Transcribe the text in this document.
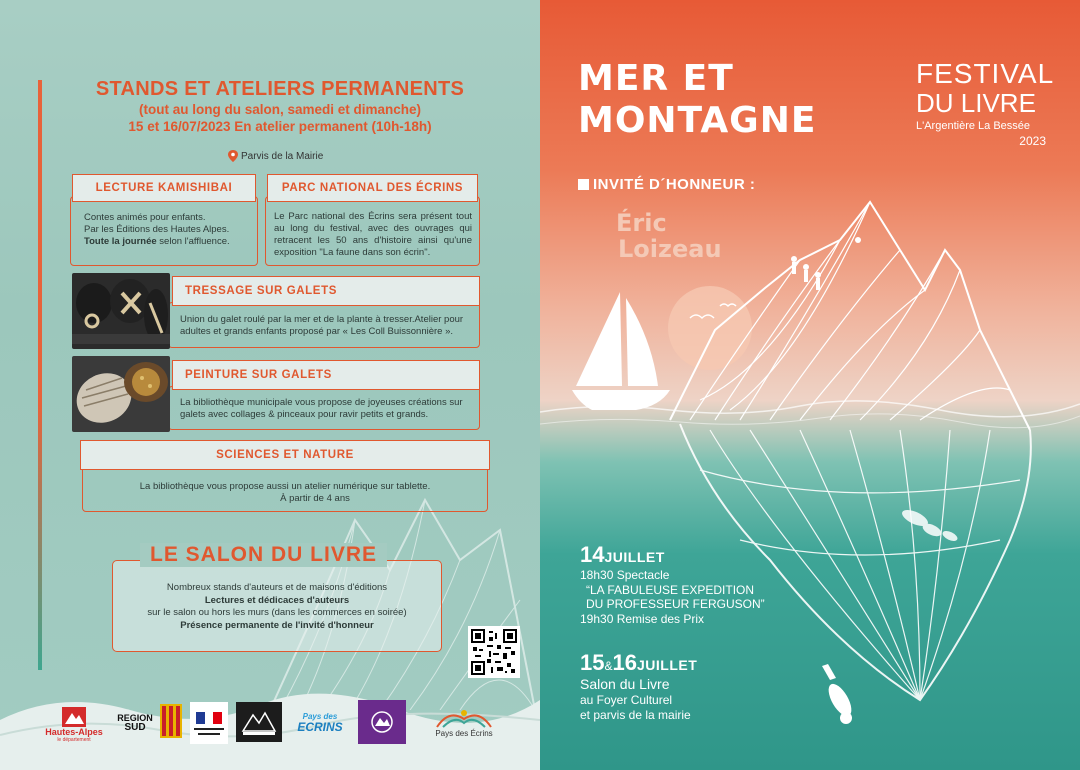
STANDS ET ATELIERS PERMANENTS
(tout au long du salon, samedi et dimanche)
15 et 16/07/2023 En atelier permanent (10h-18h)
Parvis de la Mairie
LECTURE KAMISHIBAI
Contes animés pour enfants.
Par les Éditions des Hautes Alpes.
Toute la journée selon l'affluence.
PARC NATIONAL DES ÉCRINS
Le Parc national des Écrins sera présent tout au long du festival, avec des ouvrages qui retracent les 50 ans d'histoire ainsi qu'une exposition "La faune dans son écrin".
TRESSAGE SUR GALETS
Union du galet roulé par la mer et de la plante à tresser.Atelier pour adultes et grands enfants proposé par « Les Coll Buissonnière ».
PEINTURE SUR GALETS
La bibliothèque municipale vous propose de joyeuses créations sur galets avec collages & pinceaux pour ravir petits et grands.
SCIENCES ET NATURE
La bibliothèque vous propose aussi un atelier numérique sur tablette.
À partir de 4 ans
LE SALON DU LIVRE
Nombreux stands d'auteurs et de maisons d'éditions
Lectures et dédicaces d'auteurs
sur le salon ou hors les murs (dans les commerces en soirée)
Présence permanente de l'invité d'honneur
Hautes-Alpes
le département
REGION
SUD
Pays des
ECRINS	Pays des Écrins
MER ET
MONTAGNE
INVITÉ D´HONNEUR :
Éric
Loizeau
FESTIVAL
DU LIVRE
L'Argentière La Bessée
2023
14JUILLET
18h30 Spectacle
“LA FABULEUSE EXPEDITION
DU PROFESSEUR FERGUSON”
19h30 Remise des Prix
15&16JUILLET
Salon du Livre
au Foyer Culturel
et parvis de la mairie
